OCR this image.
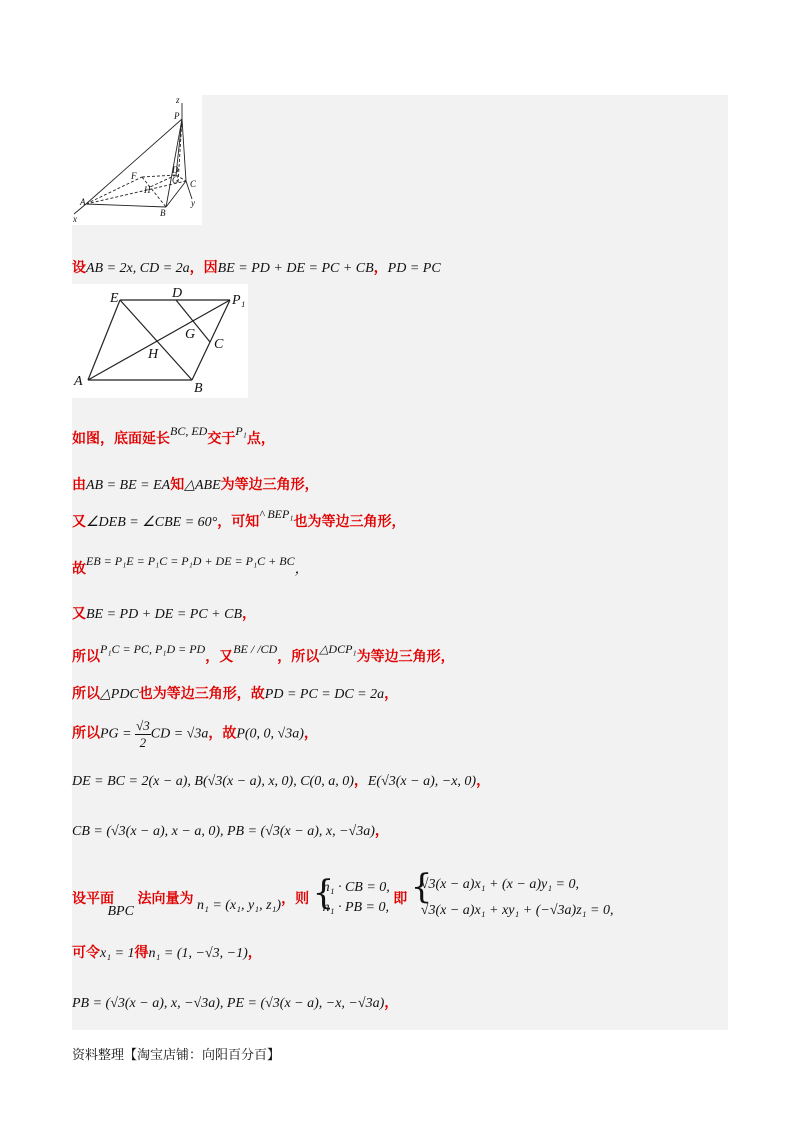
z
P
F
D
G C
H
A
B
x
y
设AB = 2x, CD = 2a，因BE = PD + DE = PC + CB，PD = PC
E	D	P₁
G
C
H
A	B
如图，底面延长BC, ED交于P₁点，
由AB = BE = EA知△ABE为等边三角形，
又∠DEB = ∠CBE = 60°，可知^ BEP₁也为等边三角形，
故EB = P₁E = P₁C = P₁D + DE = P₁C + BC，
又BE = PD + DE = PC + CB，
所以P₁C = PC, P₁D = PD，又BE / /CD，所以△DCP₁为等边三角形，
所以△PDC也为等边三角形，故PD = PC = DC = 2a，
所以PG = $\frac{√3}{2}$ CD = √3a，故P(0, 0, √3a)，
DE = BC = 2(x − a), B(√3(x − a), x, 0), C(0, a, 0)，E(√3(x − a), −x, 0)，
CB = (√3(x − a), x − a, 0), PB = (√3(x − a), x, −√3a)，
设平面 BPC 法向量为 n₁ = (x₁, y₁, z₁)，则 {
n₁ · CB = 0,
n₁ · PB = 0,
即 {
√3(x − a)x₁ + (x − a)y₁ = 0,
√3(x − a)x₁ + xy₁ + (−√3a)z₁ = 0,
可令x₁ = 1得n₁ = (1, −√3, −1)，
PB = (√3(x − a), x, −√3a), PE = (√3(x − a), −x, −√3a)，
资料整理【淘宝店铺：向阳百分百】
